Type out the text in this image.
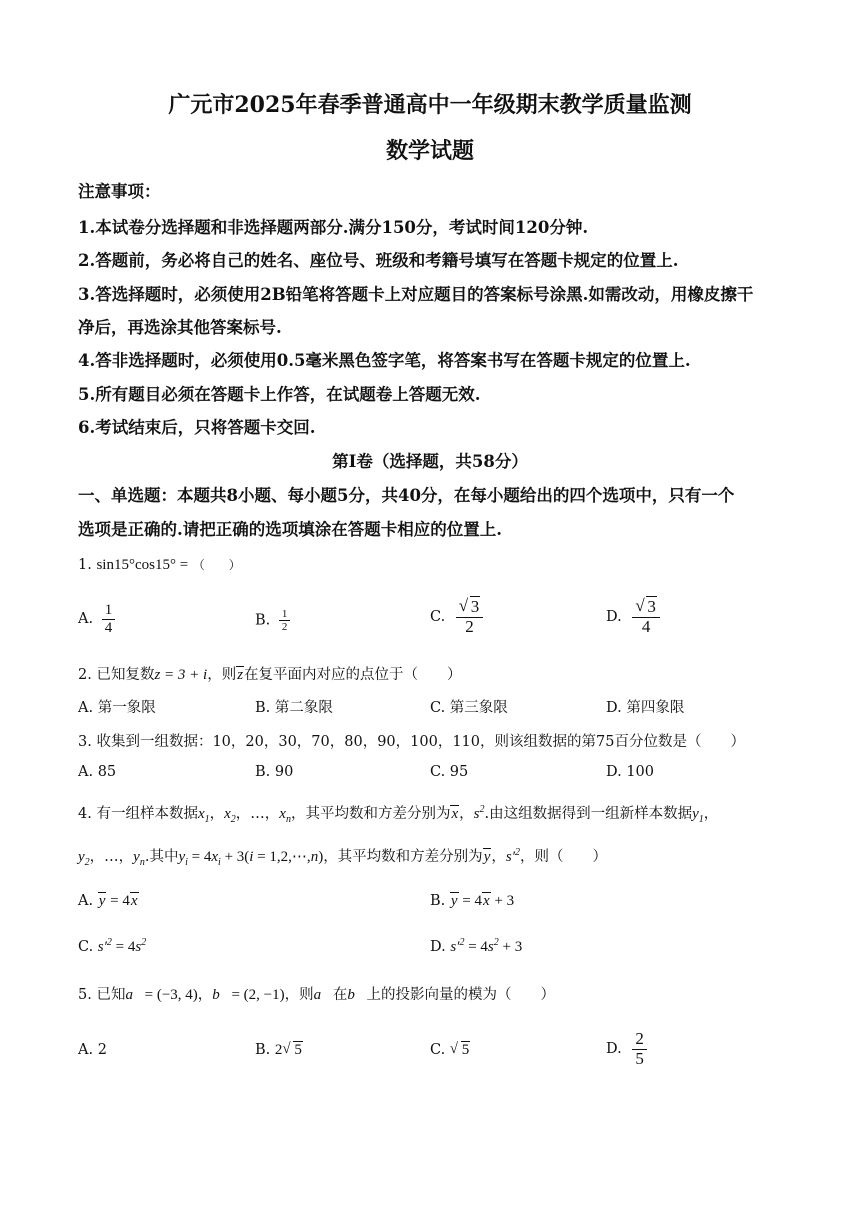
广元市2025年春季普通高中一年级期末教学质量监测
数学试题
注意事项：
1.本试卷分选择题和非选择题两部分.满分150分，考试时间120分钟.
2.答题前，务必将自己的姓名、座位号、班级和考籍号填写在答题卡规定的位置上.
3.答选择题时，必须使用2B铅笔将答题卡上对应题目的答案标号涂黑.如需改动，用橡皮擦干
净后，再选涂其他答案标号.
4.答非选择题时，必须使用0.5毫米黑色签字笔，将答案书写在答题卡规定的位置上.
5.所有题目必须在答题卡上作答，在试题卷上答题无效.
6.考试结束后，只将答题卡交回.
第Ⅰ卷（选择题，共58分）
一、单选题：本题共8小题、每小题5分，共40分，在每小题给出的四个选项中，只有一个
选项是正确的.请把正确的选项填涂在答题卡相应的位置上.
1. sin15°cos15° = （　　）
A. $\frac{1}{4}$	B. $\frac{1}{2}$	C. √ $\frac{3}{2}$	D. √ $\frac{3}{4}$
2. 已知复数z = 3 + i，则z在复平面内对应的点位于（　　）
A. 第一象限	B. 第二象限	C. 第三象限	D. 第四象限
3. 收集到一组数据：10，20，30，70，80，90，100，110，则该组数据的第75百分位数是（　　）
A. 85	B. 90	C. 95	D. 100
4. 有一组样本数据$x_1$，$x_2$，…，$x_n$，其平均数和方差分别为x，$s^2$.由这组数据得到一组新样本数据$y_1$，
$y_2$，…，$y_n$.其中$y_i = 4x_i + 3(i$ = 1,2,⋯,n)，其平均数和方差分别为y，$s'^2$，则（　　）
A. y = 4x	B. y = 4x + 3
C. $s'^2 = 4s^2$	D. $s'^2 = 4s^2 + 3$
5. 已知a⃗= (−3, 4)，b⃗= (2, −1)，则a⃗在b⃗上的投影向量的模为（　　）
A. 2	B. 2 √ 5	C. √ 5	D. $\frac{2}{5}$
